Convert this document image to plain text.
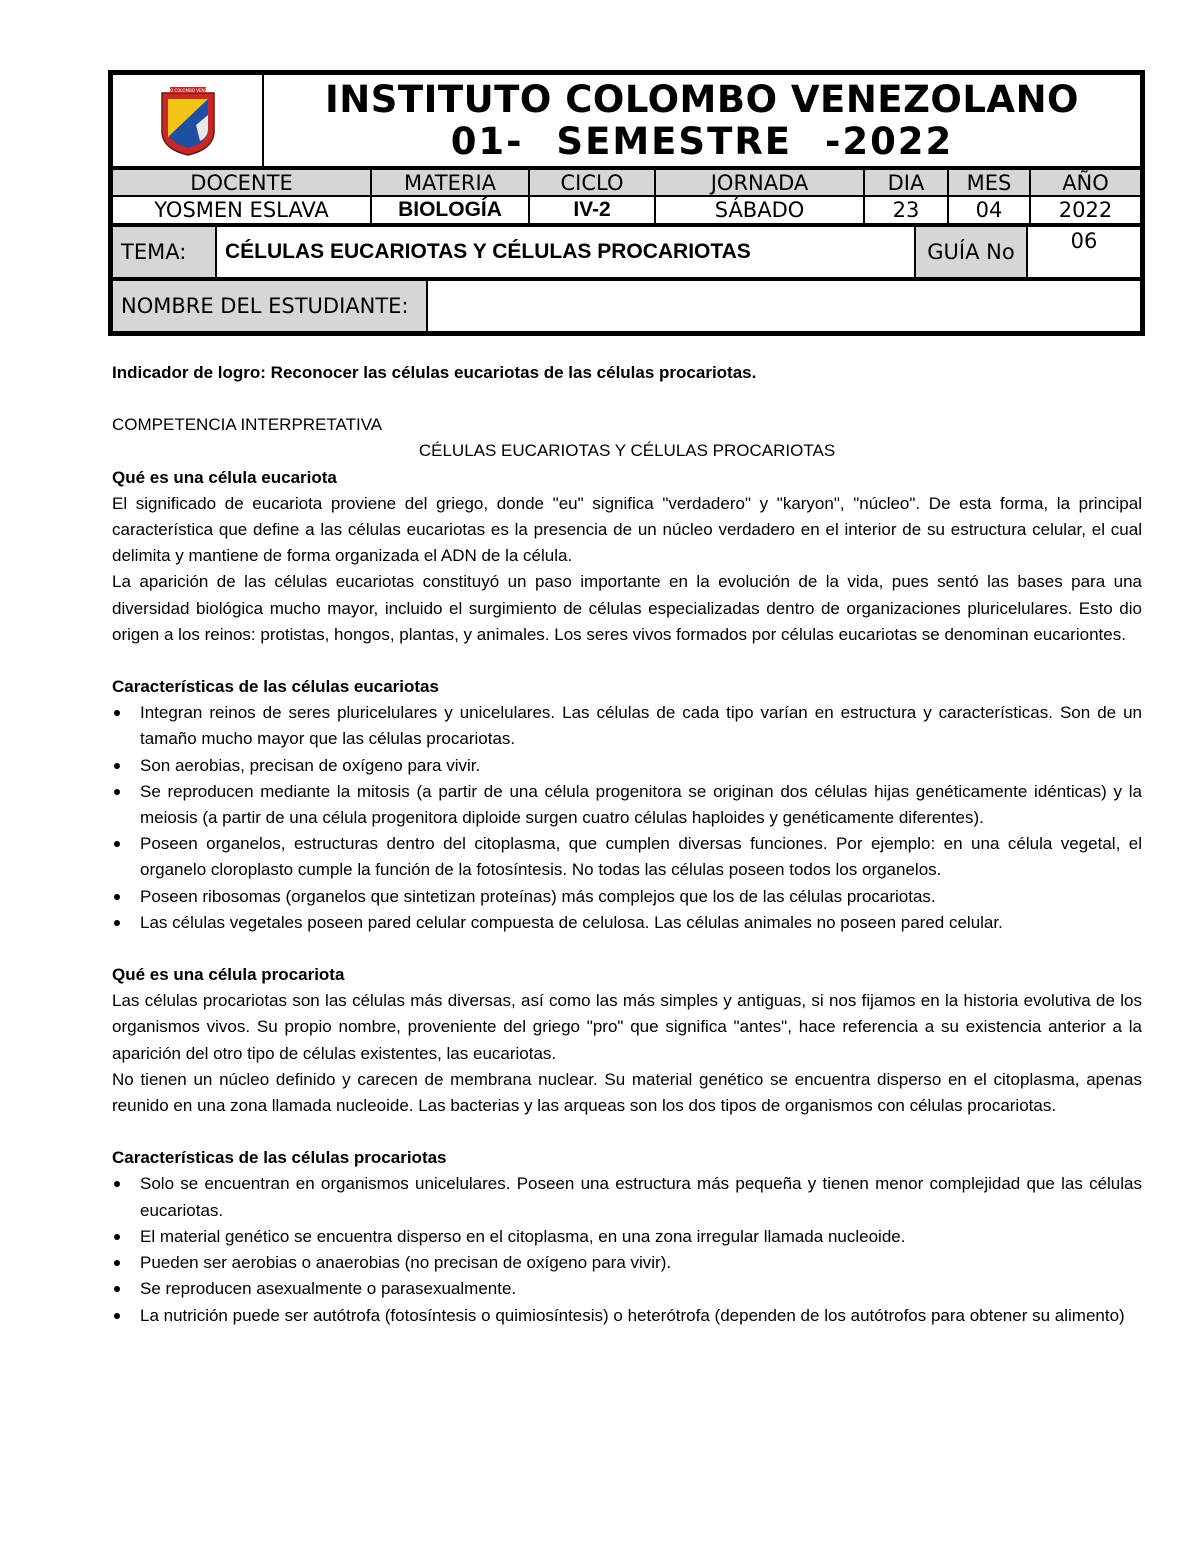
INSTITUTO COLOMBO VENEZOLANO	INSTITUTO COLOMBO VENEZOLANO
01- SEMESTRE -2022
DOCENTE	MATERIA	CICLO	JORNADA	DIA	MES	AÑO
YOSMEN ESLAVA	BIOLOGÍA	IV-2	SÁBADO	23	04	2022
TEMA:	CÉLULAS EUCARIOTAS Y CÉLULAS PROCARIOTAS	GUÍA No	06
NOMBRE DEL ESTUDIANTE:	

Indicador de logro: Reconocer las células eucariotas de las células procariotas.

COMPETENCIA INTERPRETATIVA

CÉLULAS EUCARIOTAS Y CÉLULAS PROCARIOTAS

Qué es una célula eucariota

El significado de eucariota proviene del griego, donde "eu" significa "verdadero" y "karyon", "núcleo". De esta forma, la principal característica que define a las células eucariotas es la presencia de un núcleo verdadero en el interior de su estructura celular, el cual delimita y mantiene de forma organizada el ADN de la célula.

La aparición de las células eucariotas constituyó un paso importante en la evolución de la vida, pues sentó las bases para una diversidad biológica mucho mayor, incluido el surgimiento de células especializadas dentro de organizaciones pluricelulares. Esto dio origen a los reinos: protistas, hongos, plantas, y animales. Los seres vivos formados por células eucariotas se denominan eucariontes.

Características de las células eucariotas

Integran reinos de seres pluricelulares y unicelulares. Las células de cada tipo varían en estructura y características. Son de un tamaño mucho mayor que las células procariotas.
Son aerobias, precisan de oxígeno para vivir.
Se reproducen mediante la mitosis (a partir de una célula progenitora se originan dos células hijas genéticamente idénticas) y la meiosis (a partir de una célula progenitora diploide surgen cuatro células haploides y genéticamente diferentes).
Poseen organelos, estructuras dentro del citoplasma, que cumplen diversas funciones. Por ejemplo: en una célula vegetal, el organelo cloroplasto cumple la función de la fotosíntesis. No todas las células poseen todos los organelos.
Poseen ribosomas (organelos que sintetizan proteínas) más complejos que los de las células procariotas.
Las células vegetales poseen pared celular compuesta de celulosa. Las células animales no poseen pared celular.

Qué es una célula procariota

Las células procariotas son las células más diversas, así como las más simples y antiguas, si nos fijamos en la historia evolutiva de los organismos vivos. Su propio nombre, proveniente del griego "pro" que significa "antes", hace referencia a su existencia anterior a la aparición del otro tipo de células existentes, las eucariotas.

No tienen un núcleo definido y carecen de membrana nuclear. Su material genético se encuentra disperso en el citoplasma, apenas reunido en una zona llamada nucleoide. Las bacterias y las arqueas son los dos tipos de organismos con células procariotas.

Características de las células procariotas

Solo se encuentran en organismos unicelulares. Poseen una estructura más pequeña y tienen menor complejidad que las células eucariotas.
El material genético se encuentra disperso en el citoplasma, en una zona irregular llamada nucleoide.
Pueden ser aerobias o anaerobias (no precisan de oxígeno para vivir).
Se reproducen asexualmente o parasexualmente.
La nutrición puede ser autótrofa (fotosíntesis o quimiosíntesis) o heterótrofa (dependen de los autótrofos para obtener su alimento)
